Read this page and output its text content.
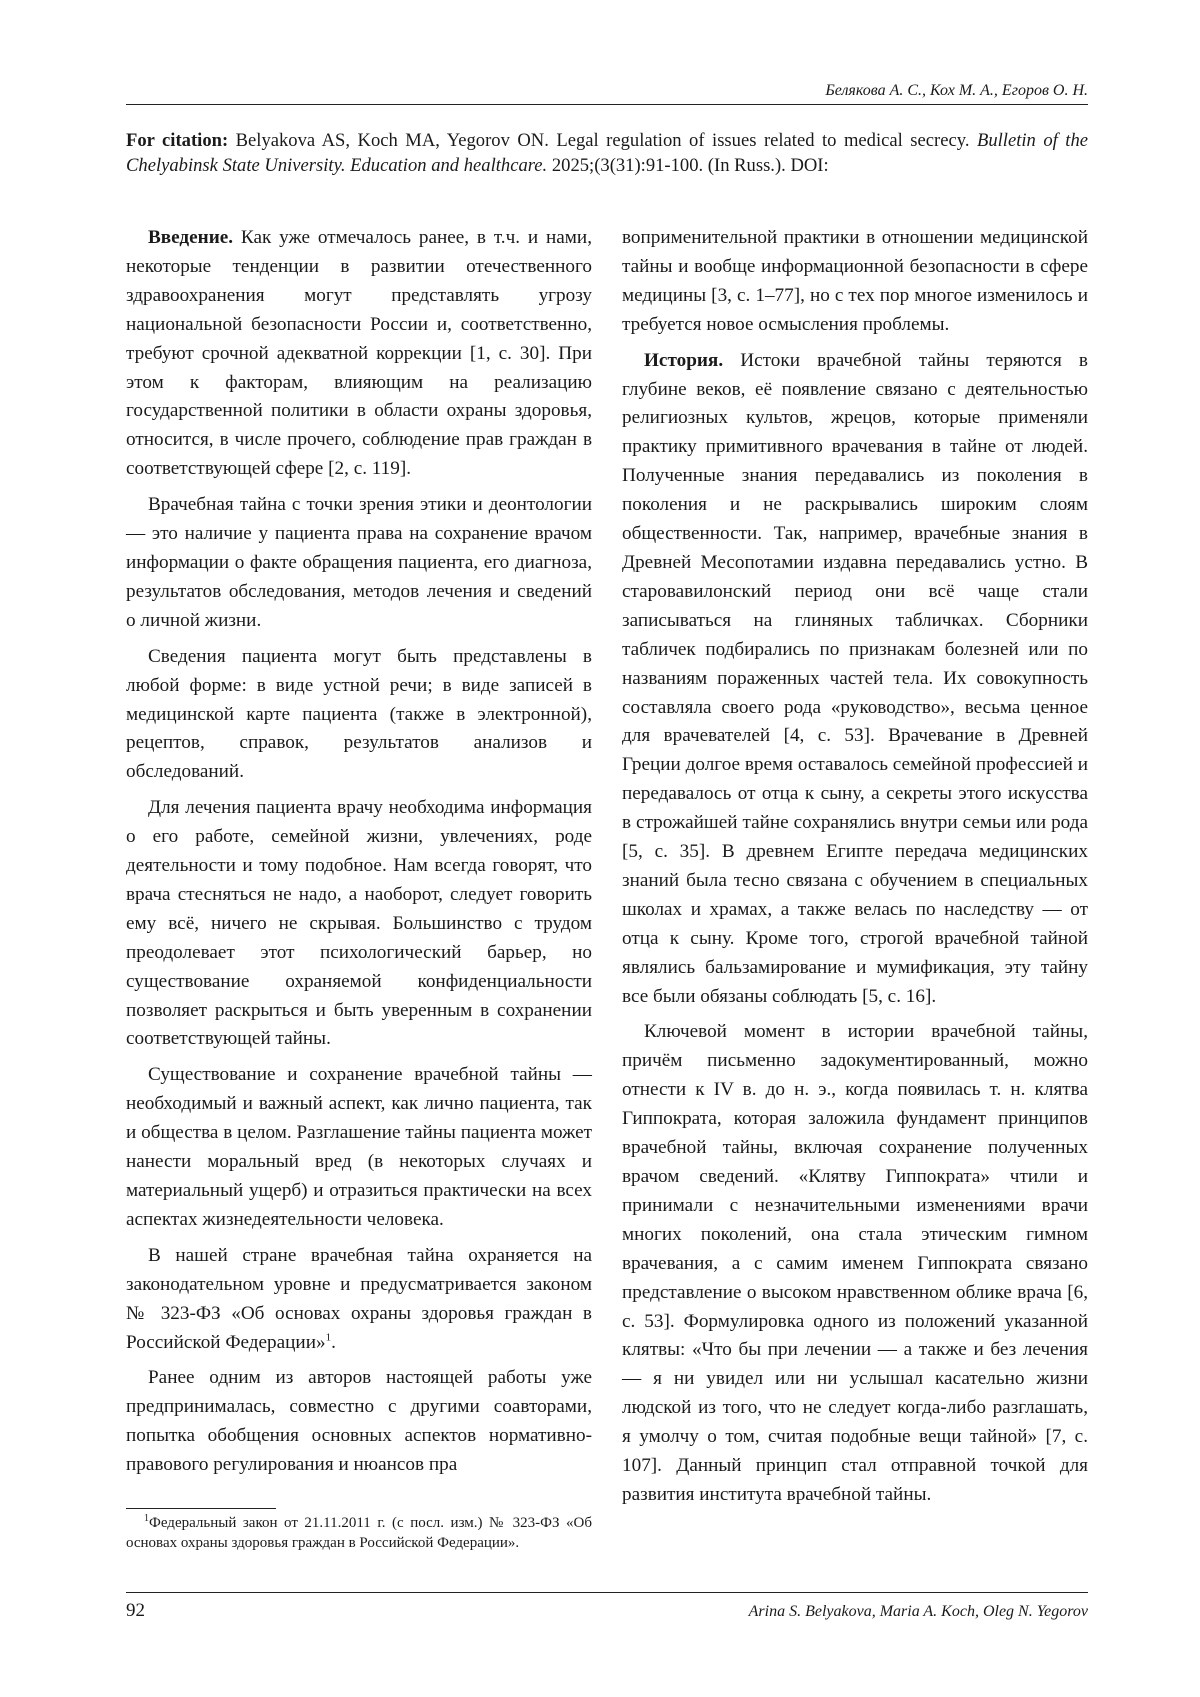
Белякова А. С., Кох М. А., Егоров О. Н.
For citation: Belyakova AS, Koch MA, Yegorov ON. Legal regulation of issues related to medical secrecy. Bulletin of the Chelyabinsk State University. Education and healthcare. 2025;(3(31):91-100. (In Russ.). DOI:

Введение. Как уже отмечалось ранее, в т.ч. и нами, некоторые тенденции в развитии отечественного здравоохранения могут представлять угрозу национальной безопасности России и, соответственно, требуют срочной адекватной коррекции [1, с. 30]. При этом к факторам, влияющим на реализацию государственной политики в области охраны здоровья, относится, в числе прочего, соблюдение прав граждан в соответствующей сфере [2, с. 119].

Врачебная тайна с точки зрения этики и деонтологии — это наличие у пациента права на сохранение врачом информации о факте обращения пациента, его диагноза, результатов обследования, методов лечения и сведений о личной жизни.

Сведения пациента могут быть представлены в любой форме: в виде устной речи; в виде записей в медицинской карте пациента (также в электронной), рецептов, справок, результатов анализов и обследований.

Для лечения пациента врачу необходима информация о его работе, семейной жизни, увлечениях, роде деятельности и тому подобное. Нам всегда говорят, что врача стесняться не надо, а наоборот, следует говорить ему всё, ничего не скрывая. Большинство с трудом преодолевает этот психологический барьер, но существование охраняемой конфиденциальности позволяет раскрыться и быть уверенным в сохранении соответствующей тайны.

Существование и сохранение врачебной тайны — необходимый и важный аспект, как лично пациента, так и общества в целом. Разглашение тайны пациента может нанести моральный вред (в некоторых случаях и материальный ущерб) и отразиться практически на всех аспектах жизнедеятельности человека.

В нашей стране врачебная тайна охраняется на законодательном уровне и предусматривается законом № 323-ФЗ «Об основах охраны здоровья граждан в Российской Федерации»$^1$.

Ранее одним из авторов настоящей работы уже предпринималась, совместно с другими соавторами, попытка обобщения основных аспектов нормативно-правового регулирования и нюансов пра

$^1$Федеральный закон от 21.11.2011 г. (с посл. изм.) № 323-ФЗ «Об основах охраны здоровья граждан в Российской Федерации».

воприменительной практики в отношении медицинской тайны и вообще информационной безопасности в сфере медицины [3, с. 1–77], но с тех пор многое изменилось и требуется новое осмысления проблемы.

История. Истоки врачебной тайны теряются в глубине веков, её появление связано с деятельностью религиозных культов, жрецов, которые применяли практику примитивного врачевания в тайне от людей. Полученные знания передавались из поколения в поколения и не раскрывались широким слоям общественности. Так, например, врачебные знания в Древней Месопотамии издавна передавались устно. В старовавилонский период они всё чаще стали записываться на глиняных табличках. Сборники табличек подбирались по признакам болезней или по названиям пораженных частей тела. Их совокупность составляла своего рода «руководство», весьма ценное для врачевателей [4, с. 53]. Врачевание в Древней Греции долгое время оставалось семейной профессией и передавалось от отца к сыну, а секреты этого искусства в строжайшей тайне сохранялись внутри семьи или рода [5, с. 35]. В древнем Египте передача медицинских знаний была тесно связана с обучением в специальных школах и храмах, а также велась по наследству — от отца к сыну. Кроме того, строгой врачебной тайной являлись бальзамирование и мумификация, эту тайну все были обязаны соблюдать [5, с. 16].

Ключевой момент в истории врачебной тайны, причём письменно задокументированный, можно отнести к IV в. до н. э., когда появилась т. н. клятва Гиппократа, которая заложила фундамент принципов врачебной тайны, включая сохранение полученных врачом сведений. «Клятву Гиппократа» чтили и принимали с незначительными изменениями врачи многих поколений, она стала этическим гимном врачевания, а с самим именем Гиппократа связано представление о высоком нравственном облике врача [6, с. 53]. Формулировка одного из положений указанной клятвы: «Что бы при лечении — а также и без лечения — я ни увидел или ни услышал касательно жизни людской из того, что не следует когда-либо разглашать, я умолчу о том, считая подобные вещи тайной» [7, с. 107]. Данный принцип стал отправной точкой для развития института врачебной тайны.

92	Arina S. Belyakova, Maria A. Koch, Oleg N. Yegorov
